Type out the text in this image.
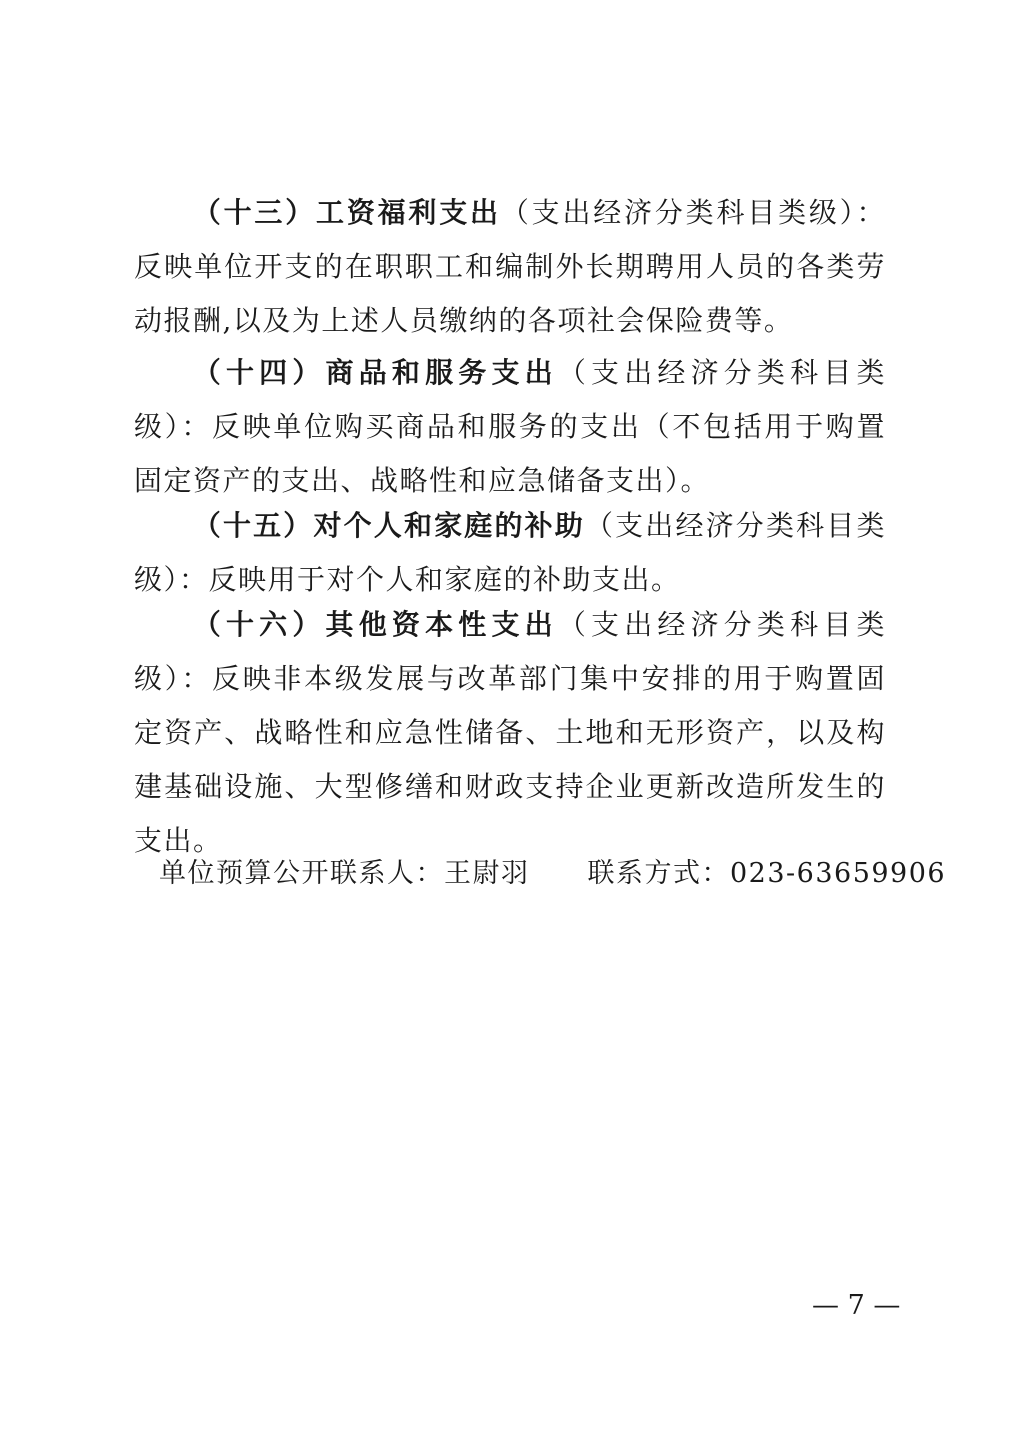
（十三）工资福利支出（支出经济分类科目类级）：反映单位开支的在职职工和编制外长期聘用人员的各类劳动报酬,以及为上述人员缴纳的各项社会保险费等。

（十四）商品和服务支出（支出经济分类科目类级）：反映单位购买商品和服务的支出（不包括用于购置固定资产的支出、战略性和应急储备支出）。

（十五）对个人和家庭的补助（支出经济分类科目类级）：反映用于对个人和家庭的补助支出。

（十六）其他资本性支出（支出经济分类科目类级）：反映非本级发展与改革部门集中安排的用于购置固定资产、战略性和应急性储备、土地和无形资产，以及构建基础设施、大型修缮和财政支持企业更新改造所发生的支出。

单位预算公开联系人：王尉羽 联系方式：023-63659906
— 7 —
